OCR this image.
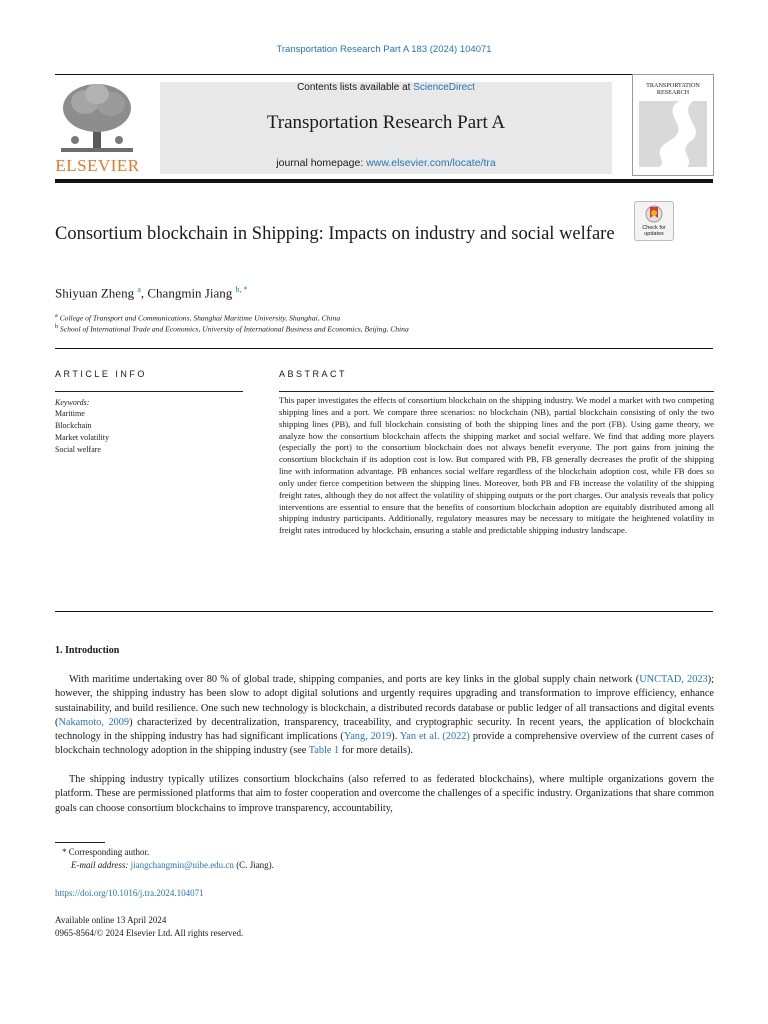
Transportation Research Part A 183 (2024) 104071
Contents lists available at ScienceDirect
Transportation Research Part A
journal homepage: www.elsevier.com/locate/tra
ELSEVIER
TRANSPORTATION RESEARCH
Check for updates
Consortium blockchain in Shipping: Impacts on industry and social welfare
Shiyuan Zheng $^a$, Changmin Jiang $^{b, *}$
$^a$ College of Transport and Communications, Shanghai Maritime University, Shanghai, China
$^b$ School of International Trade and Economics, University of International Business and Economics, Beijing, China
ARTICLE INFO
Keywords:
Maritime
Blockchain
Market volatility
Social welfare
ABSTRACT
This paper investigates the effects of consortium blockchain on the shipping industry. We model a market with two competing shipping lines and a port. We compare three scenarios: no blockchain (NB), partial blockchain consisting of only the two shipping lines (PB), and full blockchain consisting of both the shipping lines and the port (FB). Using game theory, we analyze how the consortium blockchain affects the shipping market and social welfare. We find that adding more players (especially the port) to the consortium blockchain does not always benefit everyone. The port gains from joining the consortium blockchain if its adoption cost is low. But compared with PB, FB generally decreases the profit of the shipping line with information advantage. PB enhances social welfare regardless of the blockchain adoption cost, while FB does so only under fierce competition between the shipping lines. Moreover, both PB and FB increase the volatility of the shipping freight rates, although they do not affect the volatility of shipping outputs or the port charges. Our analysis reveals that policy interventions are essential to ensure that the benefits of consortium blockchain adoption are equitably distributed among all shipping industry participants. Additionally, regulatory measures may be necessary to mitigate the heightened volatility in freight rates introduced by blockchain, ensuring a stable and predictable shipping industry landscape.
1. Introduction
With maritime undertaking over 80 % of global trade, shipping companies, and ports are key links in the global supply chain network (UNCTAD, 2023); however, the shipping industry has been slow to adopt digital solutions and urgently requires upgrading and transformation to improve efficiency, enhance sustainability, and build resilience. One such new technology is blockchain, a distributed records database or public ledger of all transactions and digital events (Nakamoto, 2009) characterized by decentralization, transparency, traceability, and cryptographic security. In recent years, the application of blockchain technology in the shipping industry has had significant implications (Yang, 2019). Yan et al. (2022) provide a comprehensive overview of the current cases of blockchain technology adoption in the shipping industry (see Table 1 for more details).
The shipping industry typically utilizes consortium blockchains (also referred to as federated blockchains), where multiple organizations govern the platform. These are permissioned platforms that aim to foster cooperation and overcome the challenges of a specific industry. Organizations that share common goals can choose consortium blockchains to improve transparency, accountability,
* Corresponding author.
E-mail address: jiangchangmin@uibe.edu.cn (C. Jiang).
https://doi.org/10.1016/j.tra.2024.104071
Available online 13 April 2024
0965-8564/© 2024 Elsevier Ltd. All rights reserved.
